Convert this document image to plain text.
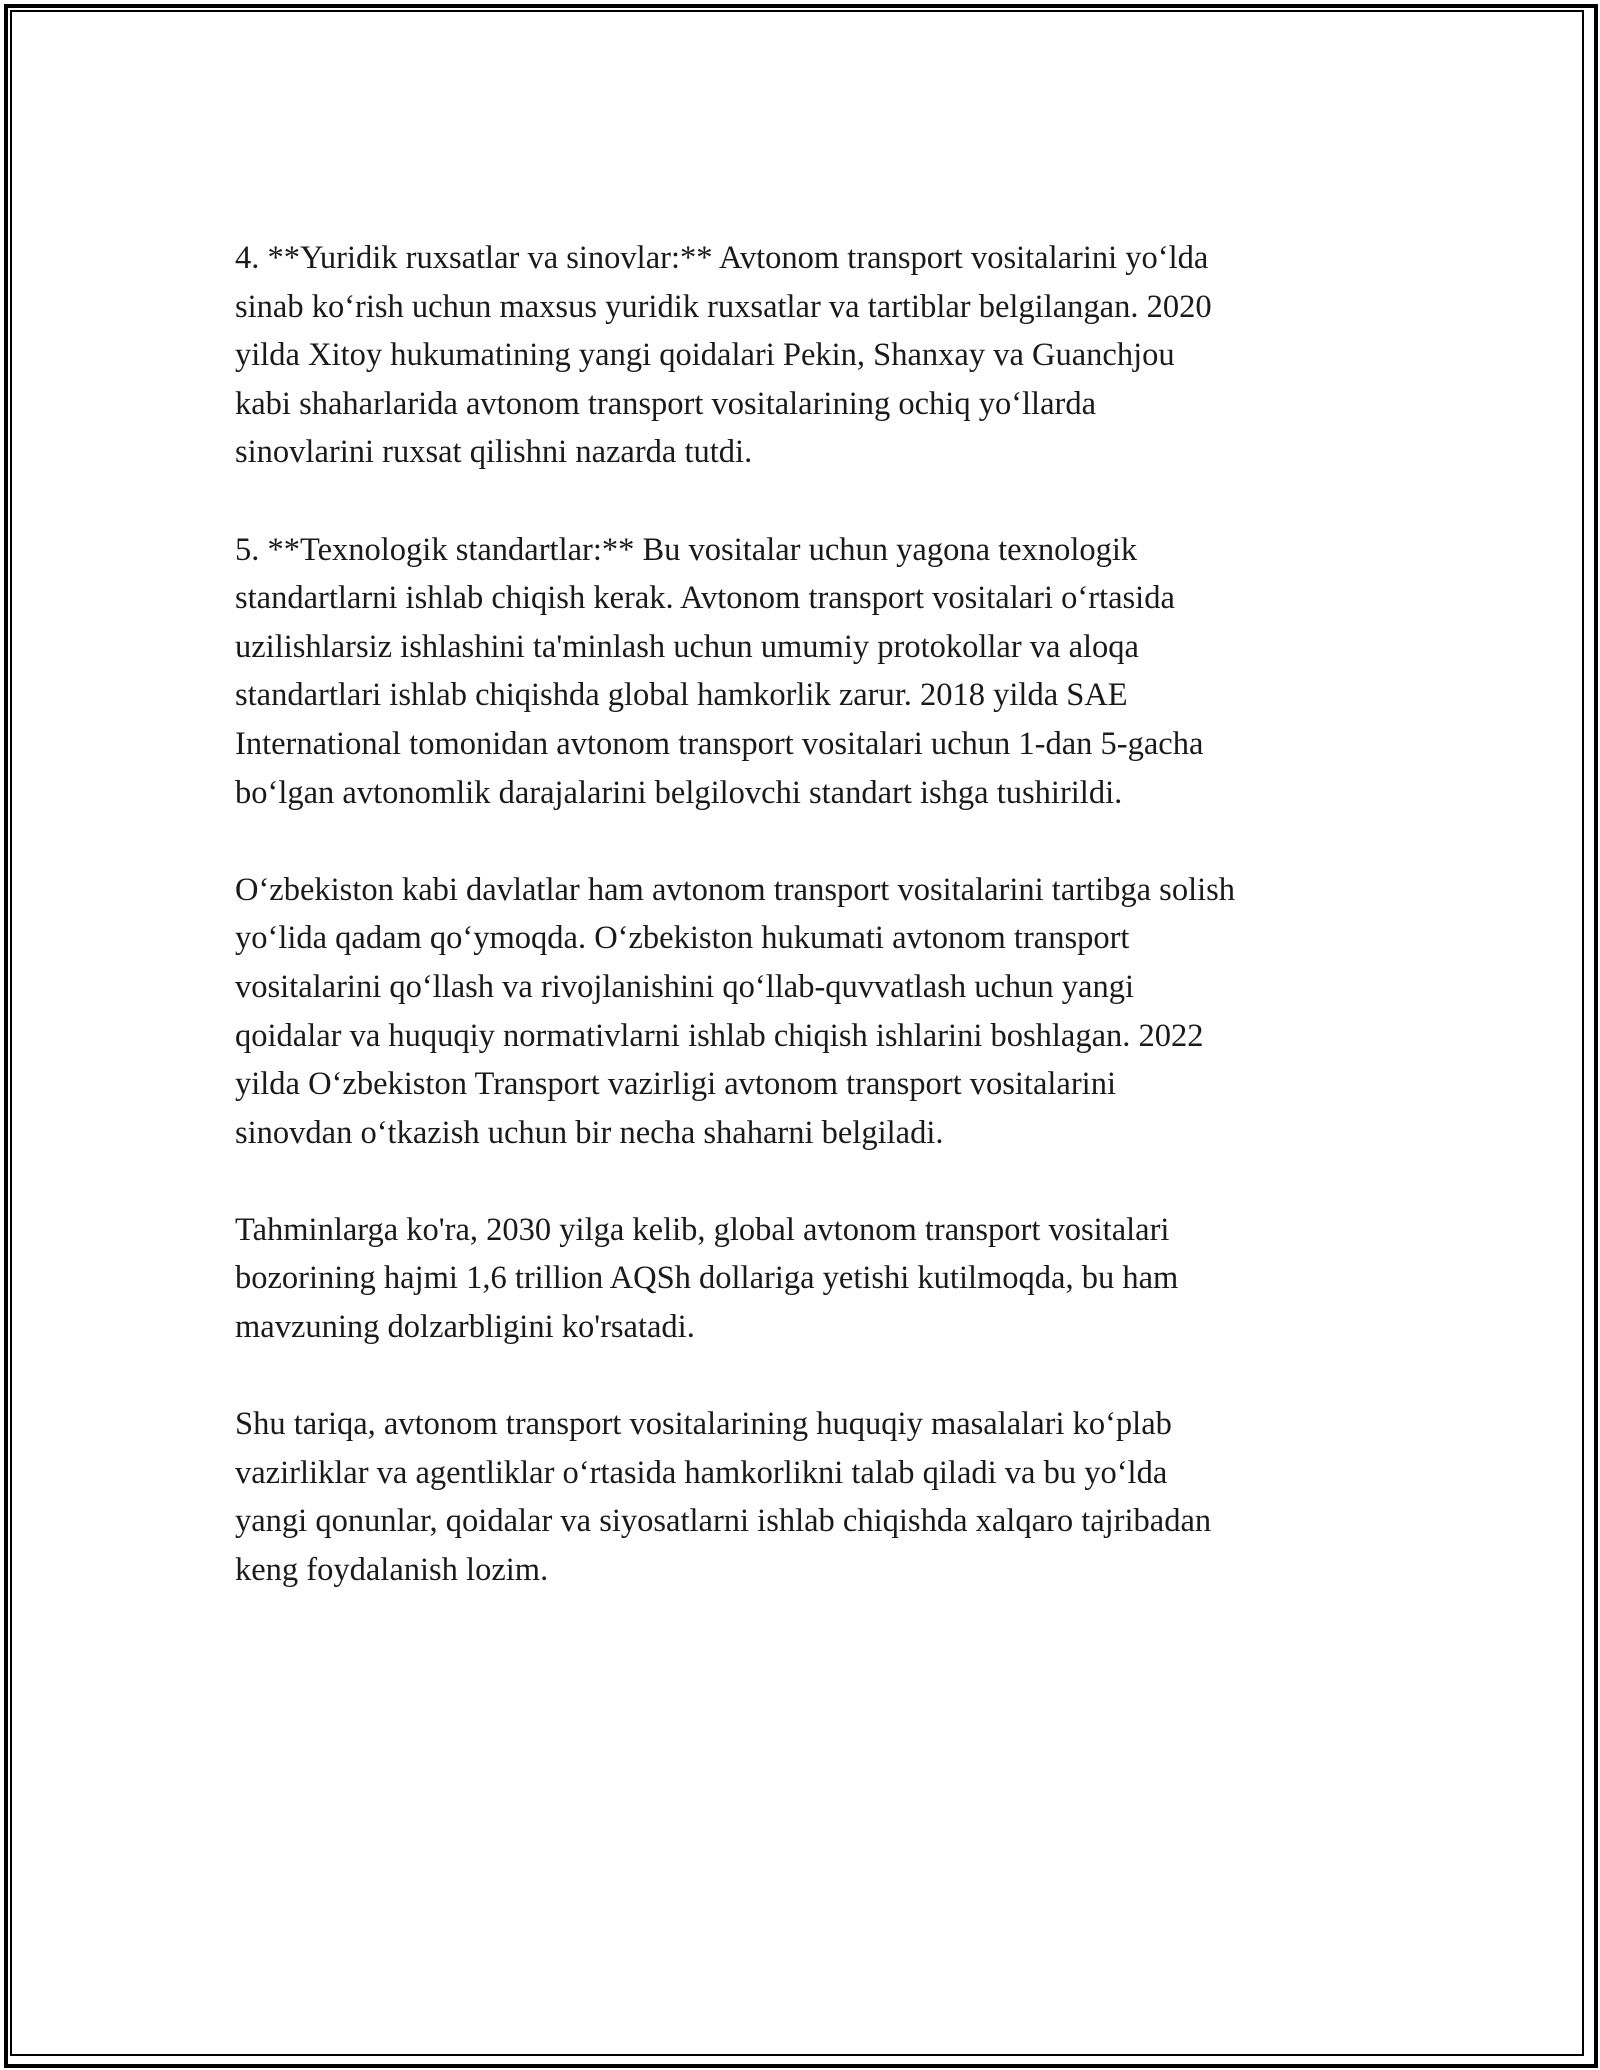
4. **Yuridik ruxsatlar va sinovlar:** Avtonom transport vositalarini yoʻlda
sinab koʻrish uchun maxsus yuridik ruxsatlar va tartiblar belgilangan. 2020
yilda Xitoy hukumatining yangi qoidalari Pekin, Shanxay va Guanchjou
kabi shaharlarida avtonom transport vositalarining ochiq yoʻllarda
sinovlarini ruxsat qilishni nazarda tutdi.

5. **Texnologik standartlar:** Bu vositalar uchun yagona texnologik
standartlarni ishlab chiqish kerak. Avtonom transport vositalari oʻrtasida
uzilishlarsiz ishlashini ta'minlash uchun umumiy protokollar va aloqa
standartlari ishlab chiqishda global hamkorlik zarur. 2018 yilda SAE
International tomonidan avtonom transport vositalari uchun 1-dan 5-gacha
boʻlgan avtonomlik darajalarini belgilovchi standart ishga tushirildi.

Oʻzbekiston kabi davlatlar ham avtonom transport vositalarini tartibga solish
yoʻlida qadam qoʻymoqda. Oʻzbekiston hukumati avtonom transport
vositalarini qoʻllash va rivojlanishini qoʻllab-quvvatlash uchun yangi
qoidalar va huquqiy normativlarni ishlab chiqish ishlarini boshlagan. 2022
yilda Oʻzbekiston Transport vazirligi avtonom transport vositalarini
sinovdan oʻtkazish uchun bir necha shaharni belgiladi.

Tahminlarga ko'ra, 2030 yilga kelib, global avtonom transport vositalari
bozorining hajmi 1,6 trillion AQSh dollariga yetishi kutilmoqda, bu ham
mavzuning dolzarbligini ko'rsatadi.

Shu tariqa, avtonom transport vositalarining huquqiy masalalari koʻplab
vazirliklar va agentliklar oʻrtasida hamkorlikni talab qiladi va bu yoʻlda
yangi qonunlar, qoidalar va siyosatlarni ishlab chiqishda xalqaro tajribadan
keng foydalanish lozim.
